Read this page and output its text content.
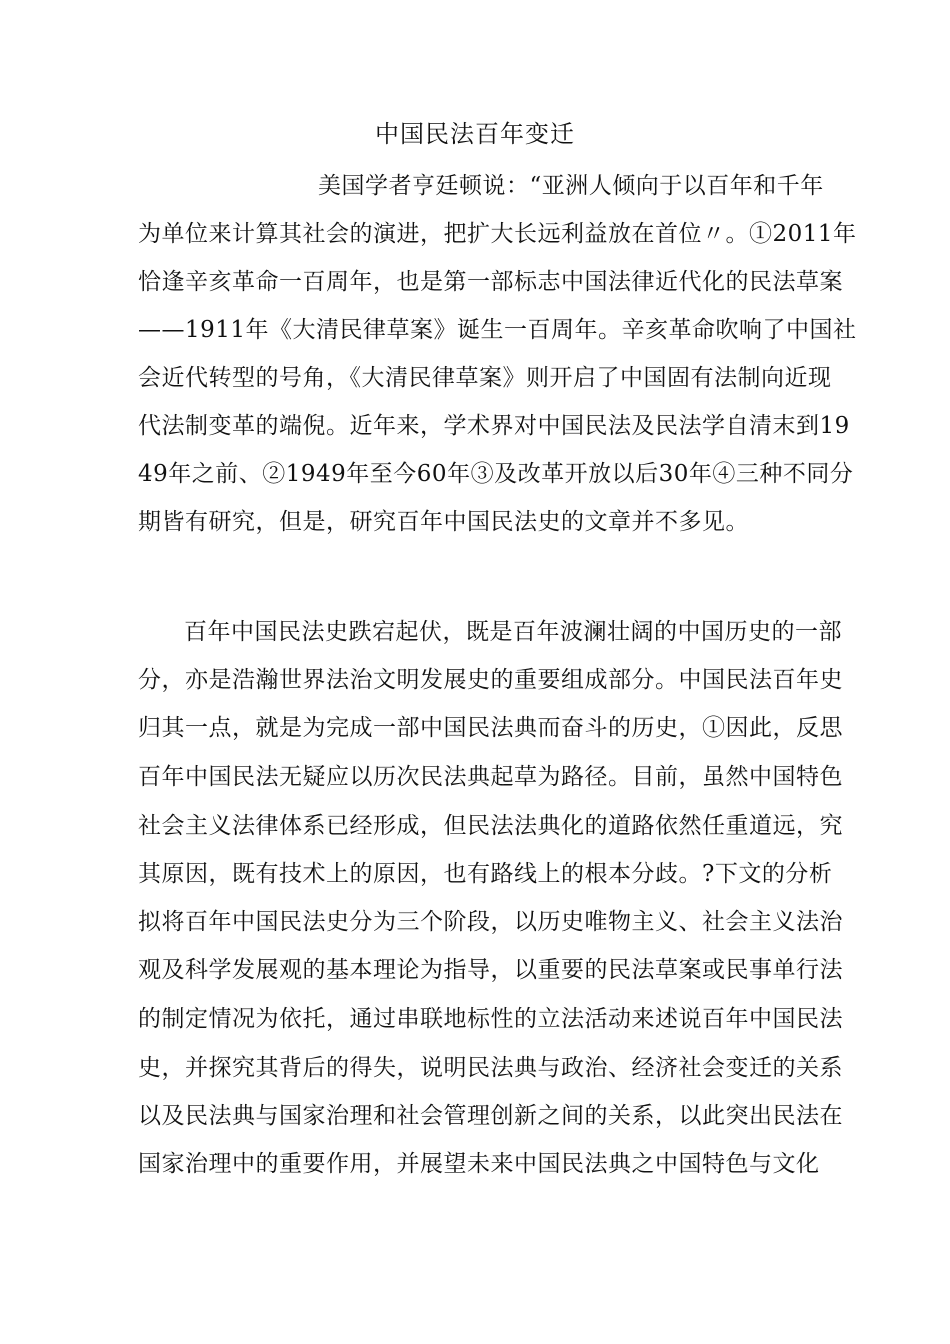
中国民法百年变迁
美国学者亨廷顿说：“亚洲人倾向于以百年和千年
为单位来计算其社会的演进，把扩大长远利益放在首位〃。①2011年
恰逢辛亥革命一百周年，也是第一部标志中国法律近代化的民法草案
——1911年《大清民律草案》诞生一百周年。辛亥革命吹响了中国社
会近代转型的号角，《大清民律草案》则开启了中国固有法制向近现
代法制变革的端倪。近年来，学术界对中国民法及民法学自清末到19
49年之前、②1949年至今60年③及改革开放以后30年④三种不同分
期皆有研究，但是，研究百年中国民法史的文章并不多见。
百年中国民法史跌宕起伏，既是百年波澜壮阔的中国历史的一部
分，亦是浩瀚世界法治文明发展史的重要组成部分。中国民法百年史
归其一点，就是为完成一部中国民法典而奋斗的历史，①因此，反思
百年中国民法无疑应以历次民法典起草为路径。目前，虽然中国特色
社会主义法律体系已经形成，但民法法典化的道路依然任重道远，究
其原因，既有技术上的原因，也有路线上的根本分歧。?下文的分析
拟将百年中国民法史分为三个阶段，以历史唯物主义、社会主义法治
观及科学发展观的基本理论为指导，以重要的民法草案或民事单行法
的制定情况为依托，通过串联地标性的立法活动来述说百年中国民法
史，并探究其背后的得失，说明民法典与政治、经济社会变迁的关系
以及民法典与国家治理和社会管理创新之间的关系，以此突出民法在
国家治理中的重要作用，并展望未来中国民法典之中国特色与文化
